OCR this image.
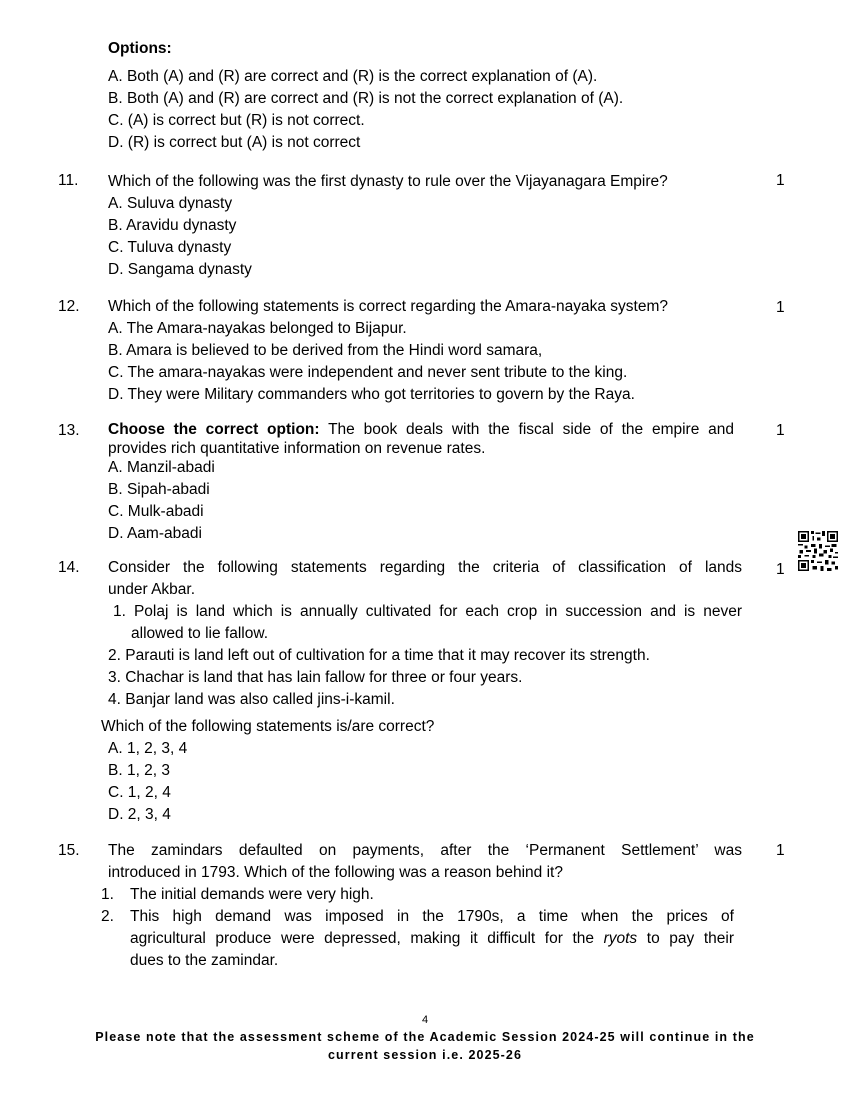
Options:
A. Both (A) and (R) are correct and (R) is the correct explanation of (A).
B. Both (A) and (R) are correct and (R) is not the correct explanation of (A).
C. (A) is correct but (R) is not correct.
D. (R) is correct but (A) is not correct
11. Which of the following was the first dynasty to rule over the Vijayanagara Empire?	1
A. Suluva dynasty
B. Aravidu dynasty
C. Tuluva dynasty
D. Sangama dynasty
12. Which of the following statements is correct regarding the Amara-nayaka system?	1
A. The Amara-nayakas belonged to Bijapur.
B. Amara is believed to be derived from the Hindi word samara,
C. The amara-nayakas were independent and never sent tribute to the king.
D. They were Military commanders who got territories to govern by the Raya.
13. Choose the correct option: The book deals with the fiscal side of the empire and	1
provides rich quantitative information on revenue rates.
A. Manzil-abadi
B. Sipah-abadi
C. Mulk-abadi
D. Aam-abadi
14. Consider the following statements regarding the criteria of classification of lands 1
under Akbar.
1. Polaj is land which is annually cultivated for each crop in succession and is never
allowed to lie fallow.
2. Parauti is land left out of cultivation for a time that it may recover its strength.
3. Chachar is land that has lain fallow for three or four years.
4. Banjar land was also called jins-i-kamil.
Which of the following statements is/are correct?
A. 1, 2, 3, 4
B. 1, 2, 3
C. 1, 2, 4
D. 2, 3, 4
15. The zamindars defaulted on payments, after the ‘Permanent Settlement’ was 1
introduced in 1793. Which of the following was a reason behind it?
1. The initial demands were very high.
2. This high demand was imposed in the 1790s, a time when the prices of
agricultural produce were depressed, making it difficult for the ryots to pay their
dues to the zamindar.
4
Please note that the assessment scheme of the Academic Session 2024-25 will continue in the
current session i.e. 2025-26
